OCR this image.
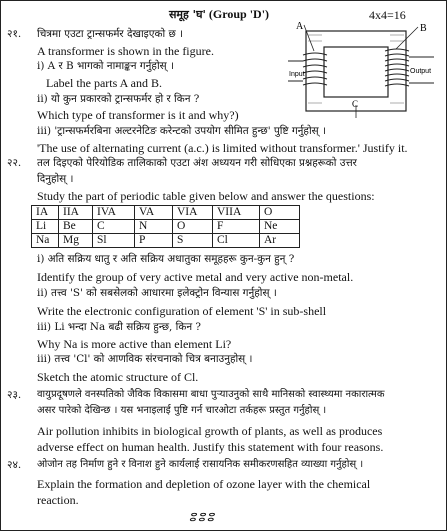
समूह 'घ' (Group 'D')	4x4=16
२१. चित्रमा एउटा ट्रान्सफर्मर देखाइएको छ ।
A transformer is shown in the figure.
i) A र B भागको नामाङ्कन गर्नुहोस् ।
Label the parts A and B.
ii) यो कुन प्रकारको ट्रान्सफर्मर हो र किन ?
Which type of transformer is it and why?)
iii) 'ट्रान्सफर्मरबिना अल्टरनेटिङ करेन्टको उपयोग सीमित हुन्छ' पुष्टि गर्नुहोस् ।
'The use of alternating current (a.c.) is limited without transformer.' Justify it.
A	B
C
Input	Output
२२. तल दिइएको पेरियोडिक तालिकाको एउटा अंश अध्ययन गरी सोधिएका प्रश्नहरूको उत्तर
दिनुहोस् ।
Study the part of periodic table given below and answer the questions:
IA	IIA	IVA	VA	VIA	VIIA	O
Li	Be	C	N	O	F	Ne
Na	Mg	Sl	P	S	Cl	Ar
i) अति सक्रिय धातु र अति सक्रिय अधातुका समूहहरू कुन-कुन हुन् ?
Identify the group of very active metal and very active non-metal.
ii) तत्त्व 'S' को सबसेलको आधारमा इलेक्ट्रोन विन्यास गर्नुहोस् ।
Write the electronic configuration of element 'S' in sub-shell
iii) Li भन्दा Na बढी सक्रिय हुन्छ, किन ?
Why Na is more active than element Li?
iii) तत्त्व 'Cl' को आणविक संरचनाको चित्र बनाउनुहोस् ।
Sketch the atomic structure of Cl.
२३. वायुप्रदूषणले वनस्पतिको जैविक विकासमा बाधा पुऱ्याउनुको साथै मानिसको स्वास्थ्यमा नकारात्मक
असर पारेको देखिन्छ । यस भनाइलाई पुष्टि गर्न चारओटा तर्कहरू प्रस्तुत गर्नुहोस् ।
Air pollution inhibits in biological growth of plants, as well as produces
adverse effect on human health. Justify this statement with four reasons.
२४. ओजोन तह निर्माण हुने र विनाश हुने कार्यलाई रासायनिक समीकरणसहित व्याख्या गर्नुहोस् ।
Explain the formation and depletion of ozone layer with the chemical
reaction.
ⵓⵓⵓ
